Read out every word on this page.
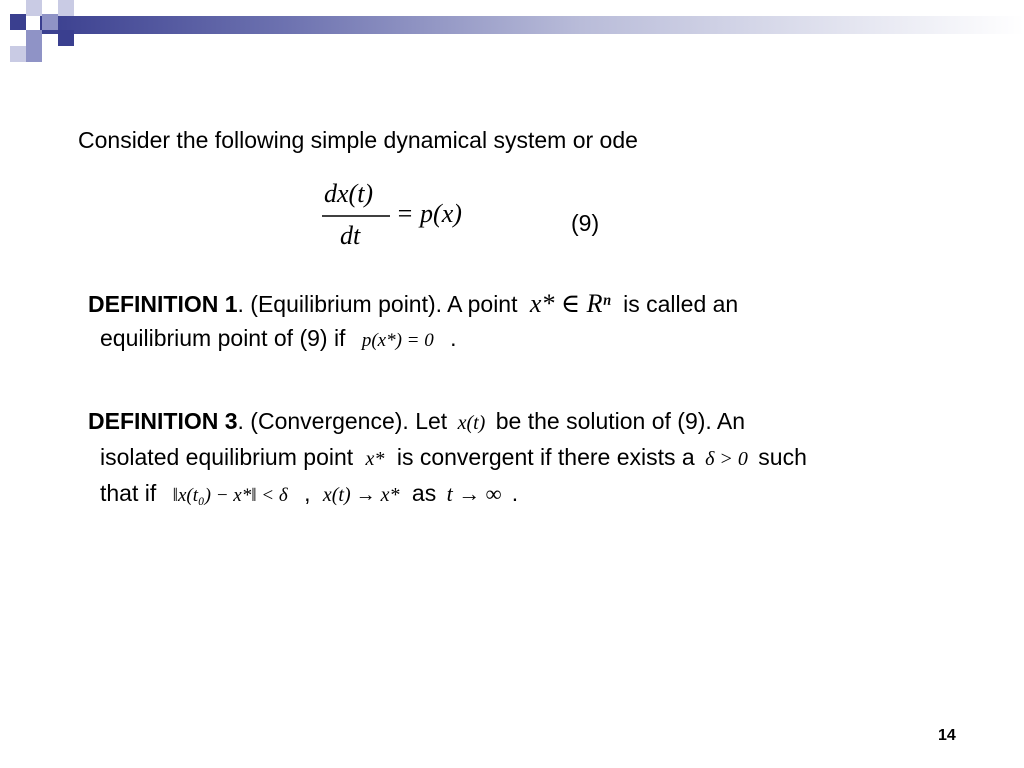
Consider the following simple dynamical system or ode
dx(t)
dt
= p(x)	(9)
DEFINITION 1. (Equilibrium point). A point x* ∈ Rⁿ is called an
equilibrium point of (9) if p(x*) = 0 .
DEFINITION 3. (Convergence). Let x(t) be the solution of (9). An
isolated equilibrium point x* is convergent if there exists a δ > 0 such
that if ‖x(t₀) − x*‖ < δ , x(t) → x* as t → ∞ .
14
